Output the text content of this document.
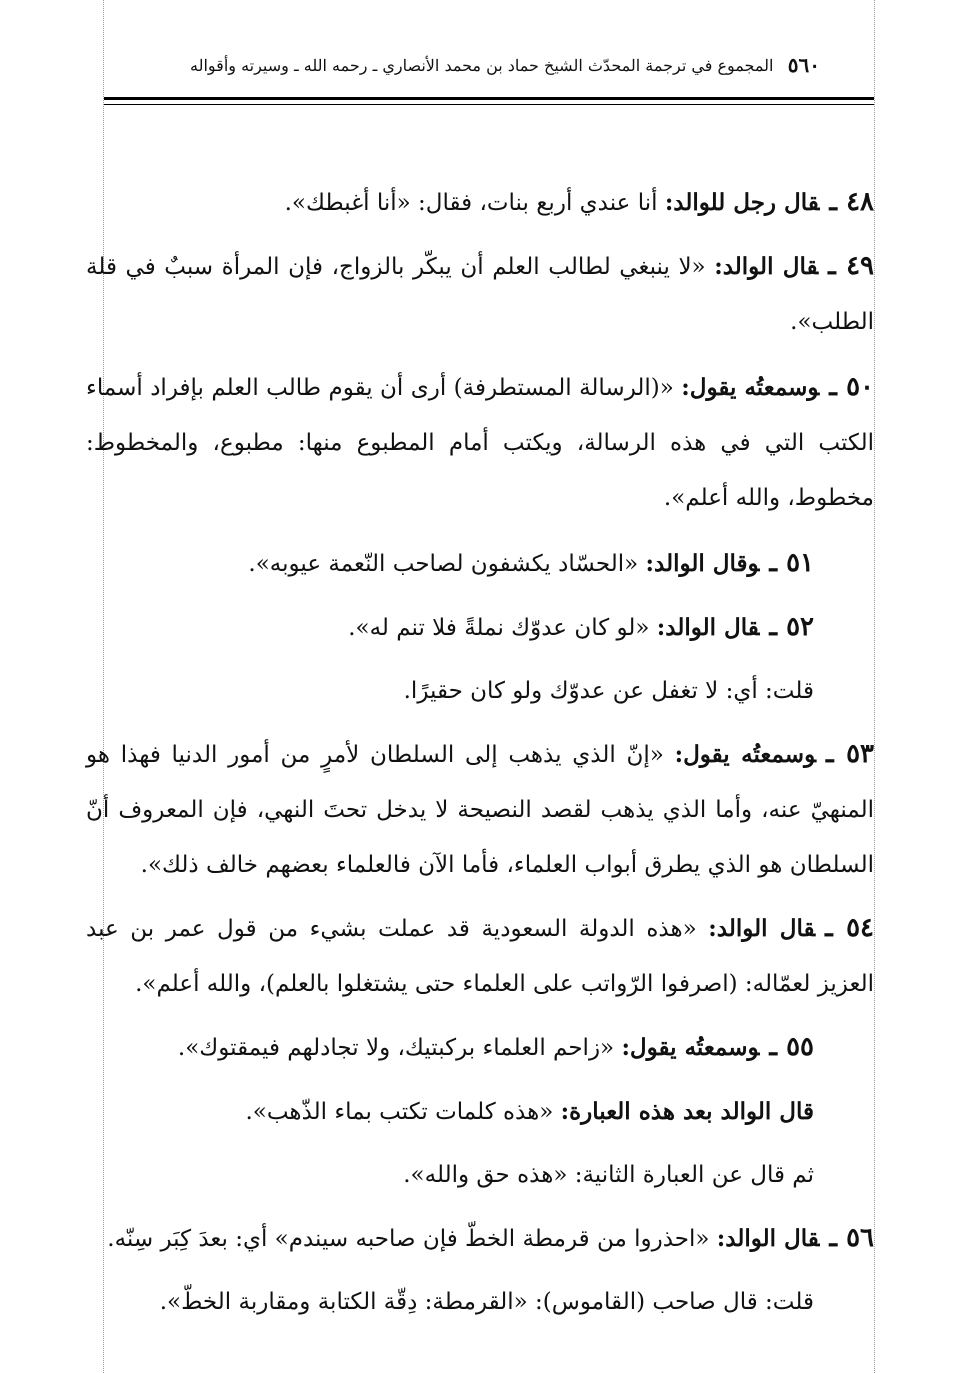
٥٦٠
المجموع في ترجمة المحدّث الشيخ حماد بن محمد الأنصاري ـ رحمه الله ـ وسيرته وأقواله

٤٨ ـقال رجل للوالد: أنا عندي أربع بنات، فقال: «أنا أغبطك».

٤٩ ـقال الوالد: «لا ينبغي لطالب العلم أن يبكّر بالزواج، فإن المرأة سببٌ في قلة الطلب».

٥٠ ـوسمعتُه يقول: «(الرسالة المستطرفة) أرى أن يقوم طالب العلم بإفراد أسماء الكتب التي في هذه الرسالة، ويكتب أمام المطبوع منها: مطبوع، والمخطوط: مخطوط، والله أعلم».

٥١ ـوقال الوالد: «الحسّاد يكشفون لصاحب النّعمة عيوبه».

٥٢ ـقال الوالد: «لو كان عدوّك نملةً فلا تنم له».

قلت: أي: لا تغفل عن عدوّك ولو كان حقيرًا.

٥٣ ـوسمعتُه يقول: «إنّ الذي يذهب إلى السلطان لأمرٍ من أمور الدنيا فهذا هو المنهيّ عنه، وأما الذي يذهب لقصد النصيحة لا يدخل تحتَ النهي، فإن المعروف أنّ السلطان هو الذي يطرق أبواب العلماء، فأما الآن فالعلماء بعضهم خالف ذلك».

٥٤ ـقال الوالد: «هذه الدولة السعودية قد عملت بشيء من قول عمر بن عبد العزيز لعمّاله: (اصرفوا الرّواتب على العلماء حتى يشتغلوا بالعلم)، والله أعلم».

٥٥ ـوسمعتُه يقول: «زاحم العلماء بركبتيك، ولا تجادلهم فيمقتوك».

قال الوالد بعد هذه العبارة: «هذه كلمات تكتب بماء الذّهب».

ثم قال عن العبارة الثانية: «هذه حق والله».

٥٦ ـقال الوالد: «احذروا من قرمطة الخطّ فإن صاحبه سيندم» أي: بعدَ كِبَر سِنّه.

قلت: قال صاحب (القاموس): «القرمطة: دِقّة الكتابة ومقاربة الخطّ».
